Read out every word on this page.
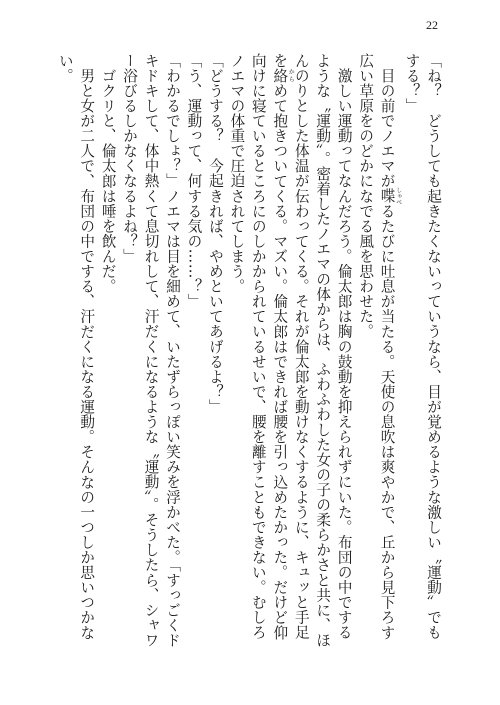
22

「ね？　どうしても起きたくないっていうなら、目が覚めるような激しい〝運動〟でもする？」

　目の前でノエマが喋 しゃべるたびに吐息が当たる。天使の息吹は爽やかで、丘から見下ろす広い草原をのどかになでる風を思わせた。

　激しい運動ってなんだろう。倫太郎は胸の鼓動を抑えられずにいた。布団の中でするような〝運動〟。密着したノエマの体からは、ふわふわした女の子の柔らかさと共に、ほんのりとした体温が伝わってくる。それが倫太郎を動けなくするように、キュッと手足を絡 からめて抱きついてくる。マズい。倫太郎はできれば腰を引っ込めたかった。だけど仰向けに寝ているところにのしかかられているせいで、腰を離すこともできない。むしろノエマの体重で圧迫されてしまう。

「どうする？　今起きれば、やめといてあげるよ？」

「う、運動って、何する気の……？」

「わかるでしょ？」ノエマは目を細めて、いたずらっぽい笑みを浮かべた。「すっごくドキドキして、体中熱くて息切れして、汗だくになるような〝運動〟。そうしたら、シャワー浴びるしかなくなるよね？」

　ゴクリと、倫太郎は唾を飲んだ。

　男と女が二人で、布団の中でする、汗だくになる運動。そんなの一つしか思いつかない。
